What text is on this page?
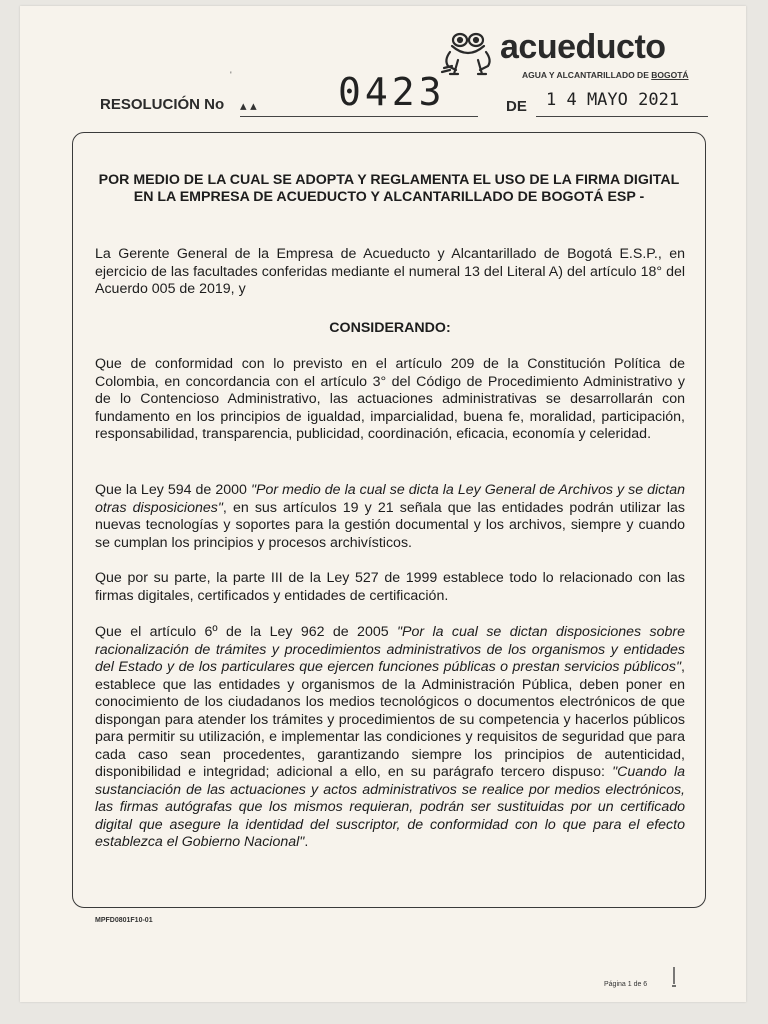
acueducto
AGUA Y ALCANTARILLADO DE BOGOTÁ
'
RESOLUCIÓN No ▴ ▴ 0423	DE 1 4 MAYO 2021
POR MEDIO DE LA CUAL SE ADOPTA Y REGLAMENTA EL USO DE LA FIRMA DIGITAL EN LA EMPRESA DE ACUEDUCTO Y ALCANTARILLADO DE BOGOTÁ ESP -

La Gerente General de la Empresa de Acueducto y Alcantarillado de Bogotá E.S.P., en ejercicio de las facultades conferidas mediante el numeral 13 del Literal A) del artículo 18° del Acuerdo 005 de 2019, y

CONSIDERANDO:

Que de conformidad con lo previsto en el artículo 209 de la Constitución Política de Colombia, en concordancia con el artículo 3° del Código de Procedimiento Administrativo y de lo Contencioso Administrativo, las actuaciones administrativas se desarrollarán con fundamento en los principios de igualdad, imparcialidad, buena fe, moralidad, participación, responsabilidad, transparencia, publicidad, coordinación, eficacia, economía y celeridad.

Que la Ley 594 de 2000 "Por medio de la cual se dicta la Ley General de Archivos y se dictan otras disposiciones", en sus artículos 19 y 21 señala que las entidades podrán utilizar las nuevas tecnologías y soportes para la gestión documental y los archivos, siempre y cuando se cumplan los principios y procesos archivísticos.

Que por su parte, la parte III de la Ley 527 de 1999 establece todo lo relacionado con las firmas digitales, certificados y entidades de certificación.

Que el artículo 6º de la Ley 962 de 2005 "Por la cual se dictan disposiciones sobre racionalización de trámites y procedimientos administrativos de los organismos y entidades del Estado y de los particulares que ejercen funciones públicas o prestan servicios públicos", establece que las entidades y organismos de la Administración Pública, deben poner en conocimiento de los ciudadanos los medios tecnológicos o documentos electrónicos de que dispongan para atender los trámites y procedimientos de su competencia y hacerlos públicos para permitir su utilización, e implementar las condiciones y requisitos de seguridad que para cada caso sean procedentes, garantizando siempre los principios de autenticidad, disponibilidad e integridad; adicional a ello, en su parágrafo tercero dispuso: "Cuando la sustanciación de las actuaciones y actos administrativos se realice por medios electrónicos, las firmas autógrafas que los mismos requieran, podrán ser sustituidas por un certificado digital que asegure la identidad del suscriptor, de conformidad con lo que para el efecto establezca el Gobierno Nacional".

MPFD0801F10-01
Página 1 de 6
